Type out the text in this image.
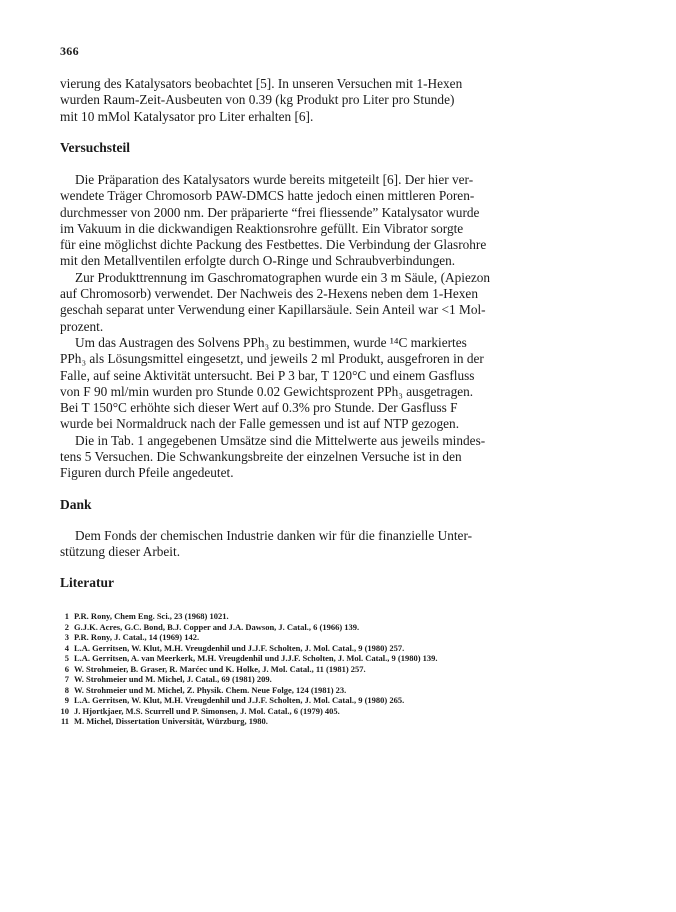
366
vierung des Katalysators beobachtet [5]. In unseren Versuchen mit 1-Hexen
wurden Raum-Zeit-Ausbeuten von 0.39 (kg Produkt pro Liter pro Stunde)
mit 10 mMol Katalysator pro Liter erhalten [6].
Versuchsteil
Die Präparation des Katalysators wurde bereits mitgeteilt [6]. Der hier ver-
wendete Träger Chromosorb PAW-DMCS hatte jedoch einen mittleren Poren-
durchmesser von 2000 nm. Der präparierte “frei fliessende” Katalysator wurde
im Vakuum in die dickwandigen Reaktionsrohre gefüllt. Ein Vibrator sorgte
für eine möglichst dichte Packung des Festbettes. Die Verbindung der Glasrohre
mit den Metallventilen erfolgte durch O-Ringe und Schraubverbindungen.
Zur Produkttrennung im Gaschromatographen wurde ein 3 m Säule, (Apiezon
auf Chromosorb) verwendet. Der Nachweis des 2-Hexens neben dem 1-Hexen
geschah separat unter Verwendung einer Kapillarsäule. Sein Anteil war <1 Mol-
prozent.
Um das Austragen des Solvens PPh₃ zu bestimmen, wurde ¹⁴C markiertes
PPh₃ als Lösungsmittel eingesetzt, und jeweils 2 ml Produkt, ausgefroren in der
Falle, auf seine Aktivität untersucht. Bei P 3 bar, T 120°C und einem Gasfluss
von F 90 ml/min wurden pro Stunde 0.02 Gewichtsprozent PPh₃ ausgetragen.
Bei T 150°C erhöhte sich dieser Wert auf 0.3% pro Stunde. Der Gasfluss F
wurde bei Normaldruck nach der Falle gemessen und ist auf NTP gezogen.
Die in Tab. 1 angegebenen Umsätze sind die Mittelwerte aus jeweils mindes-
tens 5 Versuchen. Die Schwankungsbreite der einzelnen Versuche ist in den
Figuren durch Pfeile angedeutet.
Dank
Dem Fonds der chemischen Industrie danken wir für die finanzielle Unter-
stützung dieser Arbeit.
Literatur
1 P.R. Rony, Chem Eng. Sci., 23 (1968) 1021.
2 G.J.K. Acres, G.C. Bond, B.J. Copper and J.A. Dawson, J. Catal., 6 (1966) 139.
3 P.R. Rony, J. Catal., 14 (1969) 142.
4 L.A. Gerritsen, W. Klut, M.H. Vreugdenhil und J.J.F. Scholten, J. Mol. Catal., 9 (1980) 257.
5 L.A. Gerritsen, A. van Meerkerk, M.H. Vreugdenhil und J.J.F. Scholten, J. Mol. Catal., 9 (1980) 139.
6 W. Strohmeier, B. Graser, R. Marćec und K. Holke, J. Mol. Catal., 11 (1981) 257.
7 W. Strohmeier und M. Michel, J. Catal., 69 (1981) 209.
8 W. Strohmeier und M. Michel, Z. Physik. Chem. Neue Folge, 124 (1981) 23.
9 L.A. Gerritsen, W. Klut, M.H. Vreugdenhil und J.J.F. Scholten, J. Mol. Catal., 9 (1980) 265.
10 J. Hjortkjaer, M.S. Scurrell und P. Simonsen, J. Mol. Catal., 6 (1979) 405.
11 M. Michel, Dissertation Universität, Würzburg, 1980.
